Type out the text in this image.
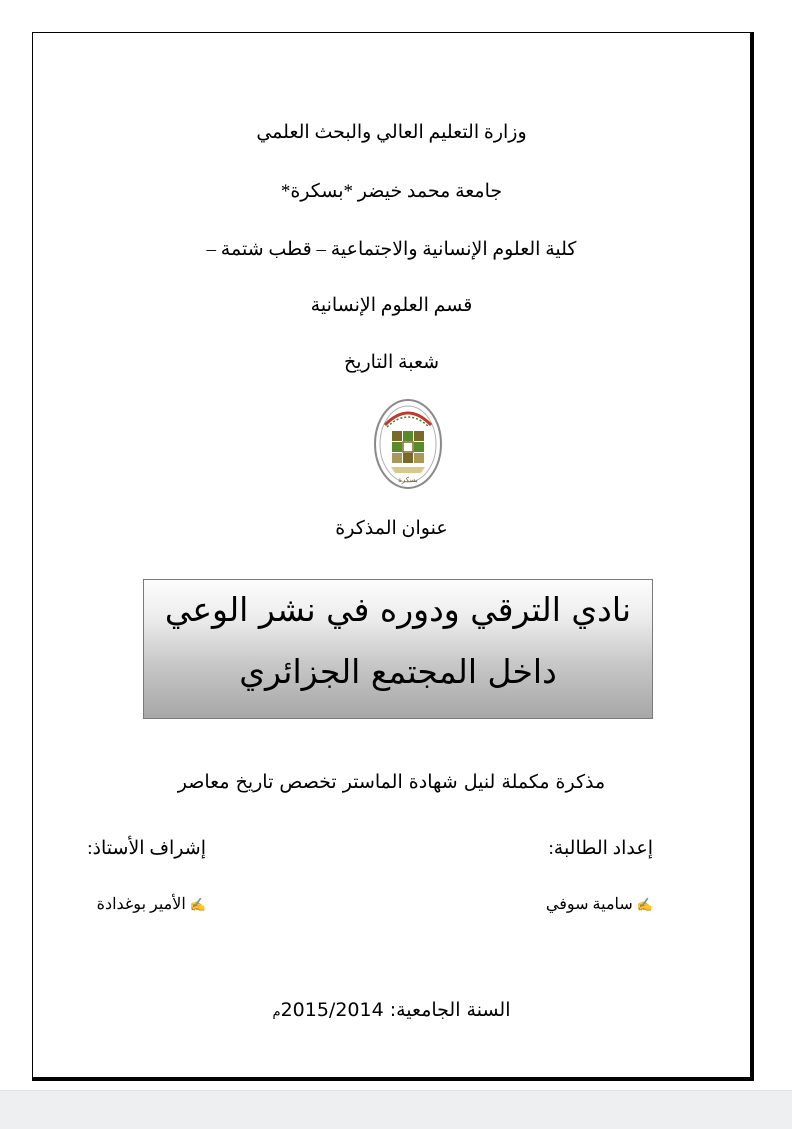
وزارة التعليم العالي والبحث العلمي
جامعة محمد خيضر *بسكرة*
كلية العلوم الإنسانية والاجتماعية – قطب شتمة –
قسم العلوم الإنسانية
شعبة التاريخ
بسكرة
عنوان المذكرة
نادي الترقي ودوره في نشر الوعي
داخل المجتمع الجزائري
مذكرة مكملة لنيل شهادة الماستر تخصص تاريخ معاصر
إعداد الطالبة:
إشراف الأستاذ:
✍سامية سوفي
✍الأمير بوغدادة
السنة الجامعية: 2015/2014م
